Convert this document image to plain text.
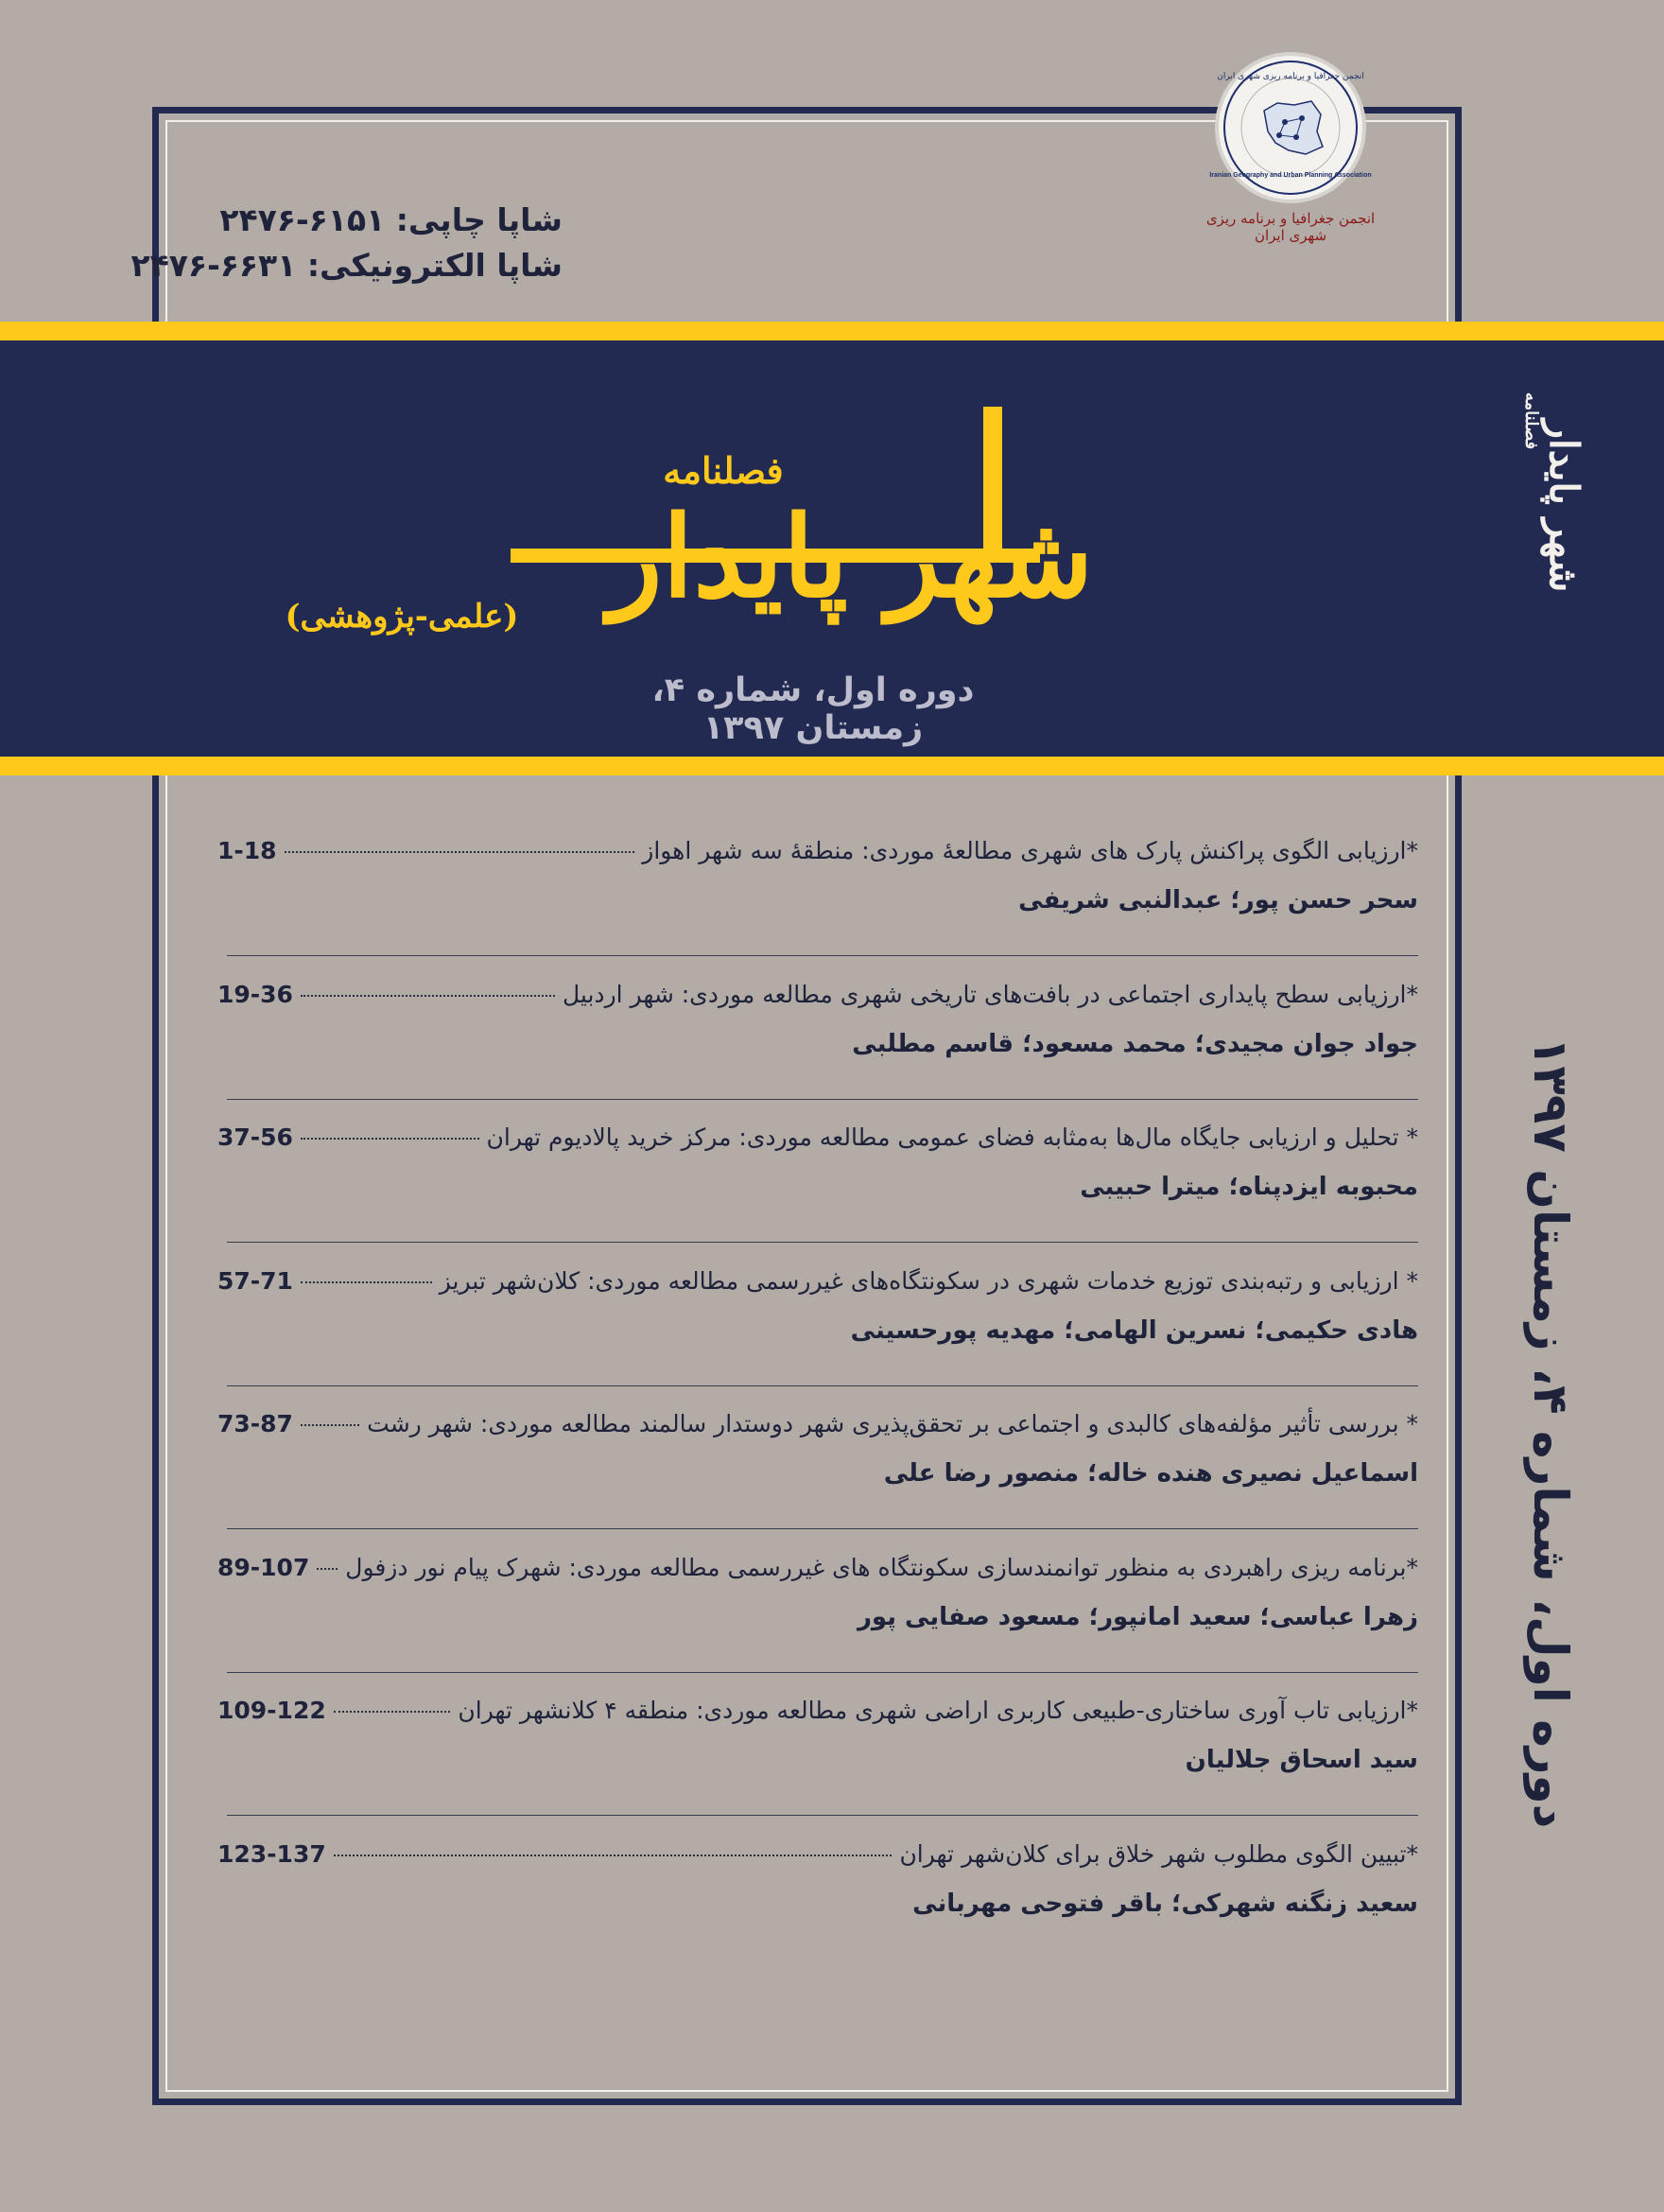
انجمن جغرافیا و برنامه ریزی شهری ایران
Iranian Geography and Urban Planning Association
انجمن جغرافیا و برنامه ریزی شهری ایران
شاپا چاپی: ۶۱۵۱-۲۴۷۶
شاپا الکترونیکی: ۶۶۳۱-۲۴۷۶
فصلنامه
شهر پایدار
(علمی-پژوهشی)
دوره اول، شماره ۴، زمستان ۱۳۹۷
شهر پایدار
فصلنامه
دوره اول، شماره ۴، زمستان ۱۳۹۷
*ارزیابی الگوی پراکنش پارک های شهری مطالعهٔ موردی: منطقهٔ سه شهر اهواز
1-18
سحر حسن پور؛ عبدالنبی شریفی
*ارزیابی سطح پایداری اجتماعی در بافت‌های تاریخی شهری مطالعه موردی: شهر اردبیل
19-36
جواد جوان مجیدی؛ محمد مسعود؛ قاسم مطلبی
* تحلیل و ارزیابی جایگاه مال‌ها به‌مثابه فضای عمومی مطالعه موردی: مرکز خرید پالادیوم تهران
37-56
محبوبه ایزدپناه؛ میترا حبیبی
* ارزیابی و رتبه‌بندی توزیع خدمات شهری در سکونتگاه‌های غیررسمی مطالعه موردی: کلان‌شهر تبریز
57-71
هادی حکیمی؛ نسرین الهامی؛ مهدیه پورحسینی
* بررسی تأثیر مؤلفه‌های کالبدی و اجتماعی بر تحقق‌پذیری شهر دوستدار سالمند مطالعه موردی: شهر رشت
73-87
اسماعیل نصیری هنده خاله؛ منصور رضا علی
*برنامه ریزی راهبردی به منظور توانمندسازی سکونتگاه های غیررسمی مطالعه موردی: شهرک پیام نور دزفول
89-107
زهرا عباسی؛ سعید امانپور؛ مسعود صفایی پور
*ارزیابی تاب آوری ساختاری-طبیعی کاربری اراضی شهری مطالعه موردی: منطقه ۴ کلانشهر تهران
109-122
سید اسحاق جلالیان
*تبیین الگوی مطلوب شهر خلاق برای کلان‌شهر تهران
123-137
سعید زنگنه شهرکی؛ باقر فتوحی مهربانی
